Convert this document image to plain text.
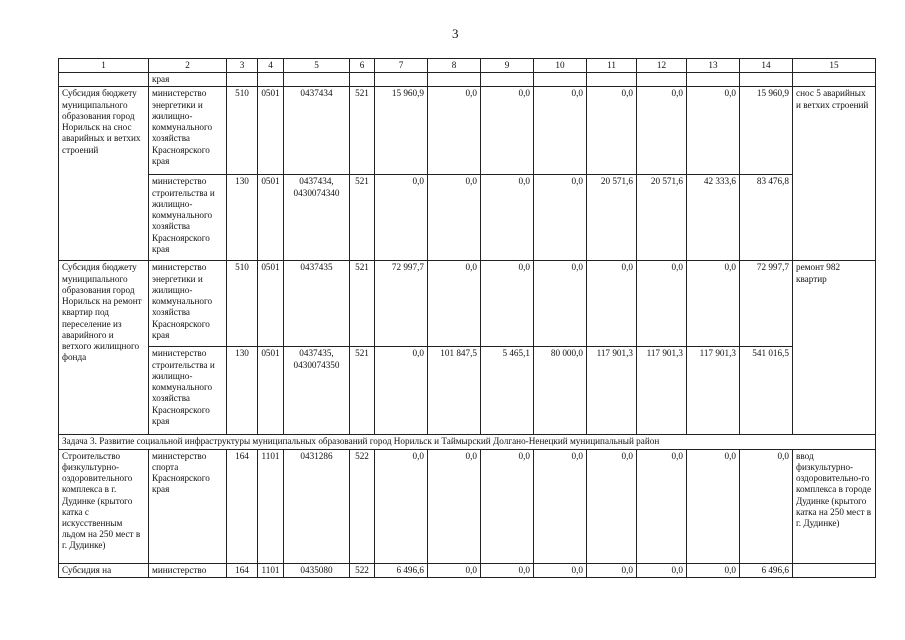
3
1	2	3	4	5	6	7	8	9	10	11	12	13	14	15
	края													
Субсидия бюджету муниципального образования город Норильск на снос аварийных и ветхих строений	министерство энергетики и жилищно-коммунального хозяйства Красноярского края	510	0501	0437434	521	15 960,9	0,0	0,0	0,0	0,0	0,0	0,0	15 960,9	снос 5 аварийных и ветхих строений
	министерство строительства и жилищно-коммунального хозяйства Красноярского края	130	0501	0437434, 0430074340	521	0,0	0,0	0,0	0,0	20 571,6	20 571,6	42 333,6	83 476,8	
Субсидия бюджету муниципального образования город Норильск на ремонт квартир под переселение из аварийного и ветхого жилищного фонда	министерство энергетики и жилищно-коммунального хозяйства Красноярского края	510	0501	0437435	521	72 997,7	0,0	0,0	0,0	0,0	0,0	0,0	72 997,7	ремонт 982 квартир
	министерство строительства и жилищно-коммунального хозяйства Красноярского края	130	0501	0437435, 0430074350	521	0,0	101 847,5	5 465,1	80 000,0	117 901,3	117 901,3	117 901,3	541 016,5	
Задача 3. Развитие социальной инфраструктуры муниципальных образований город Норильск и Таймырский Долгано-Ненецкий муниципальный район														
Строительство физкультурно-оздоровительного комплекса в г. Дудинке (крытого катка с искусственным льдом на 250 мест в г. Дудинке)	министерство спорта Красноярского края	164	1101	0431286	522	0,0	0,0	0,0	0,0	0,0	0,0	0,0	0,0	ввод физкультурно-оздоровительно-го комплекса в городе Дудинке (крытого катка на 250 мест в г. Дудинке)
Субсидия на	министерство	164	1101	0435080	522	6 496,6	0,0	0,0	0,0	0,0	0,0	0,0	6 496,6	
